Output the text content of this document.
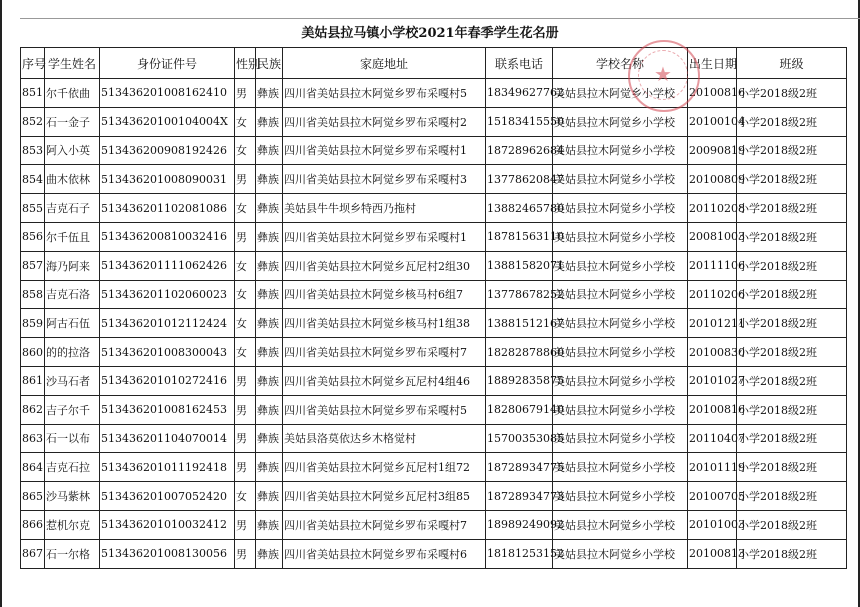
美姑县拉马镇小学校2021年春季学生花名册
序号	学生姓名	身份证件号	性别	民族	家庭地址	联系电话	学校名称	出生日期	班级
851	尔千依曲	513436201008162410	男	彝族	四川省美姑县拉木阿觉乡罗布采嘎村5	18349627762	美姑县拉木阿觉乡小学校	20100816	小学2018级2班
852	石一金子	51343620100104004X	女	彝族	四川省美姑县拉木阿觉乡罗布采嘎村2	15183415550	美姑县拉木阿觉乡小学校	20100104	小学2018级2班
853	阿入小英	513436200908192426	女	彝族	四川省美姑县拉木阿觉乡罗布采嘎村1	18728962684	美姑县拉木阿觉乡小学校	20090819	小学2018级2班
854	曲木依林	513436201008090031	男	彝族	四川省美姑县拉木阿觉乡罗布采嘎村3	13778620847	美姑县拉木阿觉乡小学校	20100809	小学2018级2班
855	吉克石子	513436201102081086	女	彝族	美姑县牛牛坝乡特西乃拖村	13882465780	美姑县拉木阿觉乡小学校	20110208	小学2018级2班
856	尔千伍且	513436200810032416	男	彝族	四川省美姑县拉木阿觉乡罗布采嘎村1	18781563110	美姑县拉木阿觉乡小学校	20081003	小学2018级2班
857	海乃阿来	513436201111062426	女	彝族	四川省美姑县拉木阿觉乡瓦尼村2组30	13881582071	美姑县拉木阿觉乡小学校	20111106	小学2018级2班
858	吉克石洛	513436201102060023	女	彝族	四川省美姑县拉木阿觉乡核马村6组7	13778678252	美姑县拉木阿觉乡小学校	20110206	小学2018级2班
859	阿古石伍	513436201012112424	女	彝族	四川省美姑县拉木阿觉乡核马村1组38	13881512167	美姑县拉木阿觉乡小学校	20101211	小学2018级2班
860	的的拉洛	513436201008300043	女	彝族	四川省美姑县拉木阿觉乡罗布采嘎村7	18282878860	美姑县拉木阿觉乡小学校	20100830	小学2018级2班
861	沙马石者	513436201010272416	男	彝族	四川省美姑县拉木阿觉乡瓦尼村4组46	18892835875	美姑县拉木阿觉乡小学校	20101027	小学2018级2班
862	吉子尔千	513436201008162453	男	彝族	四川省美姑县拉木阿觉乡罗布采嘎村5	18280679140	美姑县拉木阿觉乡小学校	20100816	小学2018级2班
863	石一以布	513436201104070014	男	彝族	美姑县洛莫依达乡木格觉村	15700353085	美姑县拉木阿觉乡小学校	20110407	小学2018级2班
864	吉克石拉	513436201011192418	男	彝族	四川省美姑县拉木阿觉乡瓦尼村1组72	18728934775	美姑县拉木阿觉乡小学校	20101119	小学2018级2班
865	沙马紫林	513436201007052420	女	彝族	四川省美姑县拉木阿觉乡瓦尼村3组85	18728934773	美姑县拉木阿觉乡小学校	20100705	小学2018级2班
866	惹机尔克	513436201010032412	男	彝族	四川省美姑县拉木阿觉乡罗布采嘎村7	18989249092	美姑县拉木阿觉乡小学校	20101003	小学2018级2班
867	石一尔格	513436201008130056	男	彝族	四川省美姑县拉木阿觉乡罗布采嘎村6	18181253152	美姑县拉木阿觉乡小学校	20100813	小学2018级2班
★
